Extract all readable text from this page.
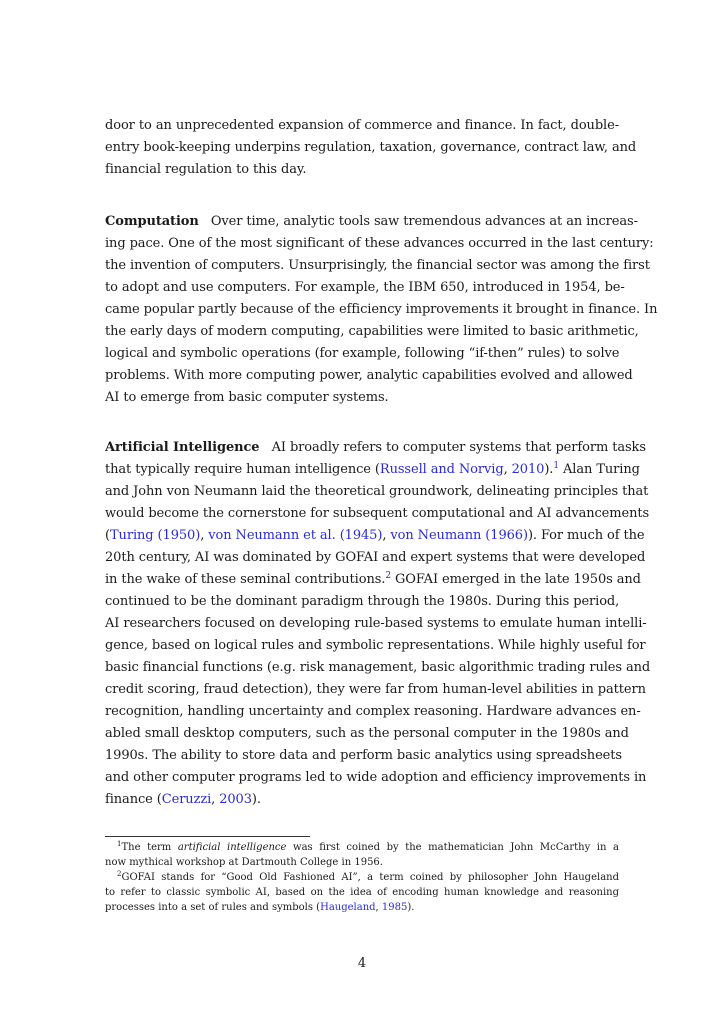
door to an unprecedented expansion of commerce and finance. In fact, double-
entry book-keeping underpins regulation, taxation, governance, contract law, and
financial regulation to this day.
Computation Over time, analytic tools saw tremendous advances at an increas-
ing pace. One of the most significant of these advances occurred in the last century:
the invention of computers. Unsurprisingly, the financial sector was among the first
to adopt and use computers. For example, the IBM 650, introduced in 1954, be-
came popular partly because of the efficiency improvements it brought in finance. In
the early days of modern computing, capabilities were limited to basic arithmetic,
logical and symbolic operations (for example, following “if-then” rules) to solve
problems. With more computing power, analytic capabilities evolved and allowed
AI to emerge from basic computer systems.
Artificial Intelligence AI broadly refers to computer systems that perform tasks
that typically require human intelligence (Russell and Norvig, 2010).$^1$ Alan Turing
and John von Neumann laid the theoretical groundwork, delineating principles that
would become the cornerstone for subsequent computational and AI advancements
(Turing (1950), von Neumann et al. (1945), von Neumann (1966)). For much of the
20th century, AI was dominated by GOFAI and expert systems that were developed
in the wake of these seminal contributions.$^2$ GOFAI emerged in the late 1950s and
continued to be the dominant paradigm through the 1980s. During this period,
AI researchers focused on developing rule-based systems to emulate human intelli-
gence, based on logical rules and symbolic representations. While highly useful for
basic financial functions (e.g. risk management, basic algorithmic trading rules and
credit scoring, fraud detection), they were far from human-level abilities in pattern
recognition, handling uncertainty and complex reasoning. Hardware advances en-
abled small desktop computers, such as the personal computer in the 1980s and
1990s. The ability to store data and perform basic analytics using spreadsheets
and other computer programs led to wide adoption and efficiency improvements in
finance (Ceruzzi, 2003).
$^1$The term artificial intelligence was first coined by the mathematician John McCarthy in a
now mythical workshop at Dartmouth College in 1956.
$^2$GOFAI stands for “Good Old Fashioned AI”, a term coined by philosopher John Haugeland
to refer to classic symbolic AI, based on the idea of encoding human knowledge and reasoning
processes into a set of rules and symbols (Haugeland, 1985).
4
